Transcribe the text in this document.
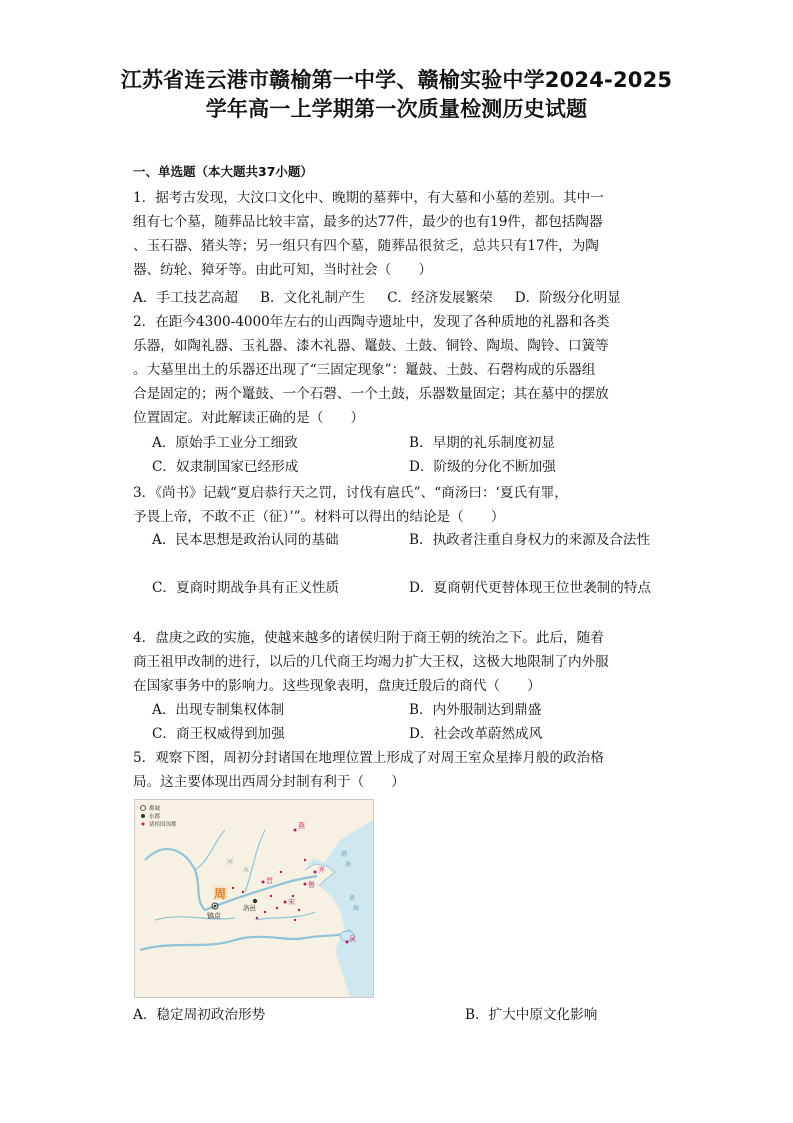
江苏省连云港市赣榆第一中学、赣榆实验中学2024-2025
学年高一上学期第一次质量检测历史试题
一、单选题（本大题共37小题）
1．据考古发现，大汶口文化中、晚期的墓葬中，有大墓和小墓的差别。其中一
组有七个墓，随葬品比较丰富，最多的达77件，最少的也有19件，都包括陶器
、玉石器、猪头等；另一组只有四个墓，随葬品很贫乏，总共只有17件，为陶
器、纺轮、獐牙等。由此可知，当时社会（　　）
A．手工技艺高超 B．文化礼制产生 C．经济发展繁荣 D．阶级分化明显
2．在距今4300-4000年左右的山西陶寺遗址中，发现了各种质地的礼器和各类
乐器，如陶礼器、玉礼器、漆木礼器、鼍鼓、土鼓、铜铃、陶埙、陶铃、口簧等
。大墓里出土的乐器还出现了“三固定现象”：鼍鼓、土鼓、石磬构成的乐器组
合是固定的；两个鼍鼓、一个石磬、一个土鼓，乐器数量固定；其在墓中的摆放
位置固定。对此解读正确的是（　　）
A．原始手工业分工细致	B．早期的礼乐制度初显
C．奴隶制国家已经形成	D．阶级的分化不断加强
3．《尚书》记载“夏启恭行天之罚，讨伐有扈氏”、“商汤曰：‘夏氏有罪，
予畏上帝，不敢不正（征）’”。材料可以得出的结论是（　　）
A．民本思想是政治认同的基础	B．执政者注重自身权力的来源及合法性
C．夏商时期战争具有正义性质	D．夏商朝代更替体现王位世袭制的特点
4．盘庚之政的实施，使越来越多的诸侯归附于商王朝的统治之下。此后，随着
商王祖甲改制的进行，以后的几代商王均竭力扩大王权，这极大地限制了内外服
在国家事务中的影响力。这些现象表明，盘庚迁殷后的商代（　　）
A．出现专制集权体制	B．内外服制达到鼎盛
C．商王权威得到加强	D．社会改革蔚然成风
5．观察下图，周初分封诸国在地理位置上形成了对周王室众星捧月般的政治格
局。这主要体现出西周分封制有利于（　　）
都城
东都
诸侯国国都
周
镐京
洛邑
燕
晋
齐
鲁
宋
吴
河
水
渤
海
黄
海
A．稳定周初政治形势	B．扩大中原文化影响
